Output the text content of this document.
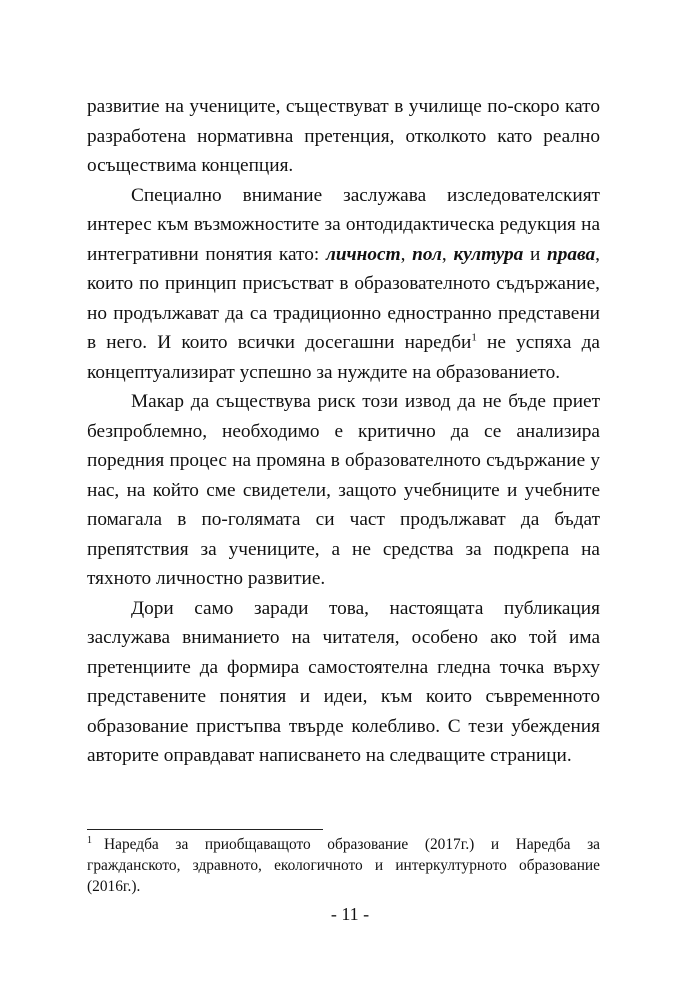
развитие на учениците, съществуват в училище по-скоро като разработена нормативна претенция, отколкото като реално осъществима концепция.

Специално внимание заслужава изследователският интерес към възможностите за онтодидактическа редукция на интегративни понятия като: личност, пол, култура и права, които по принцип присъстват в образователното съдържание, но продължават да са традиционно едностранно представени в него. И които всички досегашни наредби$^1$ не успяха да концептуализират успешно за нуждите на образованието.

Макар да съществува риск този извод да не бъде приет безпроблемно, необходимо е критично да се анализира поредния процес на промяна в образователното съдържание у нас, на който сме свидетели, защото учебниците и учебните помагала в по-голямата си част продължават да бъдат препятствия за учениците, а не средства за подкрепа на тяхното личностно развитие.

Дори само заради това, настоящата публикация заслужава вниманието на читателя, особено ако той има претенциите да формира самостоятелна гледна точка върху представените понятия и идеи, към които съвременното образование пристъпва твърде колебливо. С тези убеждения авторите оправдават написването на следващите страници.

$^1$ Наредба за приобщаващото образование (2017г.) и Наредба за гражданското, здравното, екологичното и интеркултурното образование (2016г.).
- 11 -
